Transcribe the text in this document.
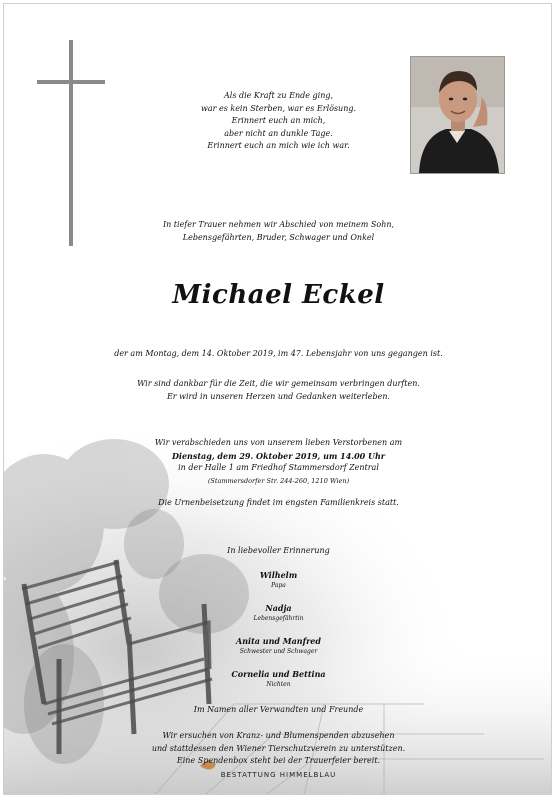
Als die Kraft zu Ende ging,
war es kein Sterben, war es Erlösung.
Erinnert euch an mich,
aber nicht an dunkle Tage.
Erinnert euch an mich wie ich war.
In tiefer Trauer nehmen wir Abschied von meinem Sohn,
Lebensgefährten, Bruder, Schwager und Onkel
Michael Eckel
der am Montag, dem 14. Oktober 2019, im 47. Lebensjahr von uns gegangen ist.
Wir sind dankbar für die Zeit, die wir gemeinsam verbringen durften.
Er wird in unseren Herzen und Gedanken weiterleben.
Wir verabschieden uns von unserem lieben Verstorbenen am
Dienstag, dem 29. Oktober 2019, um 14.00 Uhr
in der Halle 1 am Friedhof Stammersdorf Zentral
(Stammersdorfer Str. 244-260, 1210 Wien)
Die Urnenbeisetzung findet im engsten Familienkreis statt.
In liebevoller Erinnerung
Wilhelm
Papa
Nadja
Lebensgefährtin
Anita und Manfred
Schwester und Schwager
Cornelia und Bettina
Nichten
Im Namen aller Verwandten und Freunde
Wir ersuchen von Kranz- und Blumenspenden abzusehen
und stattdessen den Wiener Tierschutzverein zu unterstützen.
Eine Spendenbox steht bei der Trauerfeier bereit.
BESTATTUNG HIMMELBLAU
